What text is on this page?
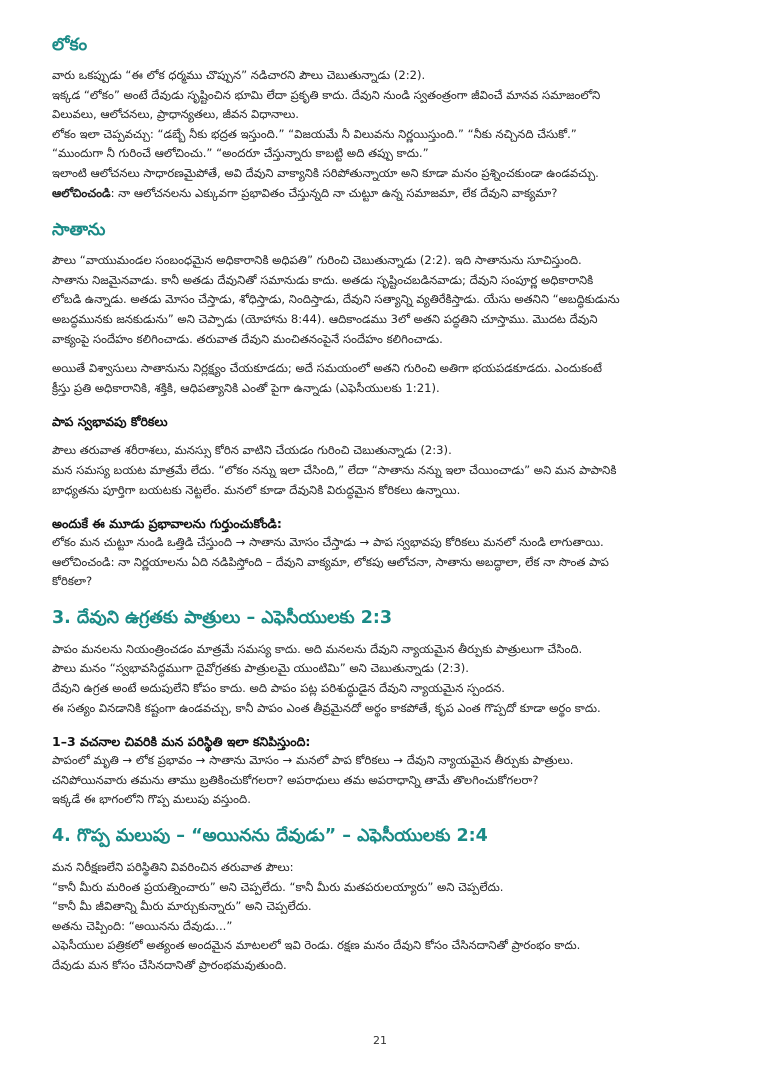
లోకం

వారు ఒకప్పుడు “ఈ లోక ధర్మము చొప్పున” నడిచారని పౌలు చెబుతున్నాడు (2:2).

ఇక్కడ “లోకం” అంటే దేవుడు సృష్టించిన భూమి లేదా ప్రకృతి కాదు. దేవుని నుండి స్వతంత్రంగా జీవించే మానవ సమాజంలోని

విలువలు, ఆలోచనలు, ప్రాధాన్యతలు, జీవన విధానాలు.

లోకం ఇలా చెప్పవచ్చు: “డబ్బే నీకు భద్రత ఇస్తుంది.” “విజయమే నీ విలువను నిర్ణయిస్తుంది.” “నీకు నచ్చినది చేసుకో.”

“ముందుగా నీ గురించే ఆలోచించు.” “అందరూ చేస్తున్నారు కాబట్టి అది తప్పు కాదు.”

ఇలాంటి ఆలోచనలు సాధారణమైపోతే, అవి దేవుని వాక్యానికి సరిపోతున్నాయా అని కూడా మనం ప్రశ్నించకుండా ఉండవచ్చు.

ఆలోచించండి: నా ఆలోచనలను ఎక్కువగా ప్రభావితం చేస్తున్నది నా చుట్టూ ఉన్న సమాజమా, లేక దేవుని వాక్యమా?

సాతాను

పౌలు “వాయుమండల సంబంధమైన అధికారానికి అధిపతి” గురించి చెబుతున్నాడు (2:2). ఇది సాతానును సూచిస్తుంది.

సాతాను నిజమైనవాడు. కానీ అతడు దేవునితో సమానుడు కాదు. అతడు సృష్టించబడినవాడు; దేవుని సంపూర్ణ అధికారానికి

లోబడి ఉన్నాడు. అతడు మోసం చేస్తాడు, శోధిస్తాడు, నిందిస్తాడు, దేవుని సత్యాన్ని వ్యతిరేకిస్తాడు. యేసు అతనిని “అబద్ధికుడును

అబద్ధమునకు జనకుడును” అని చెప్పాడు (యోహాను 8:44). ఆదికాండము 3లో అతని పద్ధతిని చూస్తాము. మొదట దేవుని

వాక్యంపై సందేహం కలిగించాడు. తరువాత దేవుని మంచితనంపైనే సందేహం కలిగించాడు.

అయితే విశ్వాసులు సాతానును నిర్లక్ష్యం చేయకూడదు; అదే సమయంలో అతని గురించి అతిగా భయపడకూడదు. ఎందుకంటే

క్రీస్తు ప్రతి అధికారానికి, శక్తికి, ఆధిపత్యానికి ఎంతో పైగా ఉన్నాడు (ఎఫెసీయులకు 1:21).

పాప స్వభావపు కోరికలు

పౌలు తరువాత శరీరాశలు, మనస్సు కోరిన వాటిని చేయడం గురించి చెబుతున్నాడు (2:3).

మన సమస్య బయట మాత్రమే లేదు. “లోకం నన్ను ఇలా చేసింది,” లేదా “సాతాను నన్ను ఇలా చేయించాడు” అని మన పాపానికి

బాధ్యతను పూర్తిగా బయటకు నెట్టలేం. మనలో కూడా దేవునికి విరుద్ధమైన కోరికలు ఉన్నాయి.

అందుకే ఈ మూడు ప్రభావాలను గుర్తుంచుకోండి:

లోకం మన చుట్టూ నుండి ఒత్తిడి చేస్తుంది → సాతాను మోసం చేస్తాడు → పాప స్వభావపు కోరికలు మనలో నుండి లాగుతాయి.

ఆలోచించండి: నా నిర్ణయాలను ఏది నడిపిస్తోంది – దేవుని వాక్యమా, లోకపు ఆలోచనా, సాతాను అబద్ధాలా, లేక నా సొంత పాప

కోరికలా?

3. దేవుని ఉగ్రతకు పాత్రులు – ఎఫెసీయులకు 2:3

పాపం మనలను నియంత్రించడం మాత్రమే సమస్య కాదు. అది మనలను దేవుని న్యాయమైన తీర్పుకు పాత్రులుగా చేసింది.

పౌలు మనం “స్వభావసిద్ధముగా దైవోగ్రతకు పాత్రులమై యుంటిమి” అని చెబుతున్నాడు (2:3).

దేవుని ఉగ్రత అంటే అదుపులేని కోపం కాదు. అది పాపం పట్ల పరిశుద్ధుడైన దేవుని న్యాయమైన స్పందన.

ఈ సత్యం వినడానికి కష్టంగా ఉండవచ్చు, కానీ పాపం ఎంత తీవ్రమైనదో అర్థం కాకపోతే, కృప ఎంత గొప్పదో కూడా అర్థం కాదు.

1–3 వచనాల చివరికి మన పరిస్థితి ఇలా కనిపిస్తుంది:

పాపంలో మృతి → లోక ప్రభావం → సాతాను మోసం → మనలో పాప కోరికలు → దేవుని న్యాయమైన తీర్పుకు పాత్రులు.

చనిపోయినవారు తమను తాము బ్రతికించుకోగలరా? అపరాధులు తమ అపరాధాన్ని తామే తొలగించుకోగలరా?

ఇక్కడే ఈ భాగంలోని గొప్ప మలుపు వస్తుంది.

4. గొప్ప మలుపు – “అయినను దేవుడు” – ఎఫెసీయులకు 2:4

మన నిరీక్షణలేని పరిస్థితిని వివరించిన తరువాత పౌలు:

“కానీ మీరు మరింత ప్రయత్నించారు” అని చెప్పలేదు. “కానీ మీరు మతపరులయ్యారు” అని చెప్పలేదు.

“కానీ మీ జీవితాన్ని మీరు మార్చుకున్నారు” అని చెప్పలేదు.

అతను చెప్పింది: “అయినను దేవుడు...”

ఎఫెసీయుల పత్రికలో అత్యంత అందమైన మాటలలో ఇవి రెండు. రక్షణ మనం దేవుని కోసం చేసినదానితో ప్రారంభం కాదు.

దేవుడు మన కోసం చేసినదానితో ప్రారంభమవుతుంది.

21
